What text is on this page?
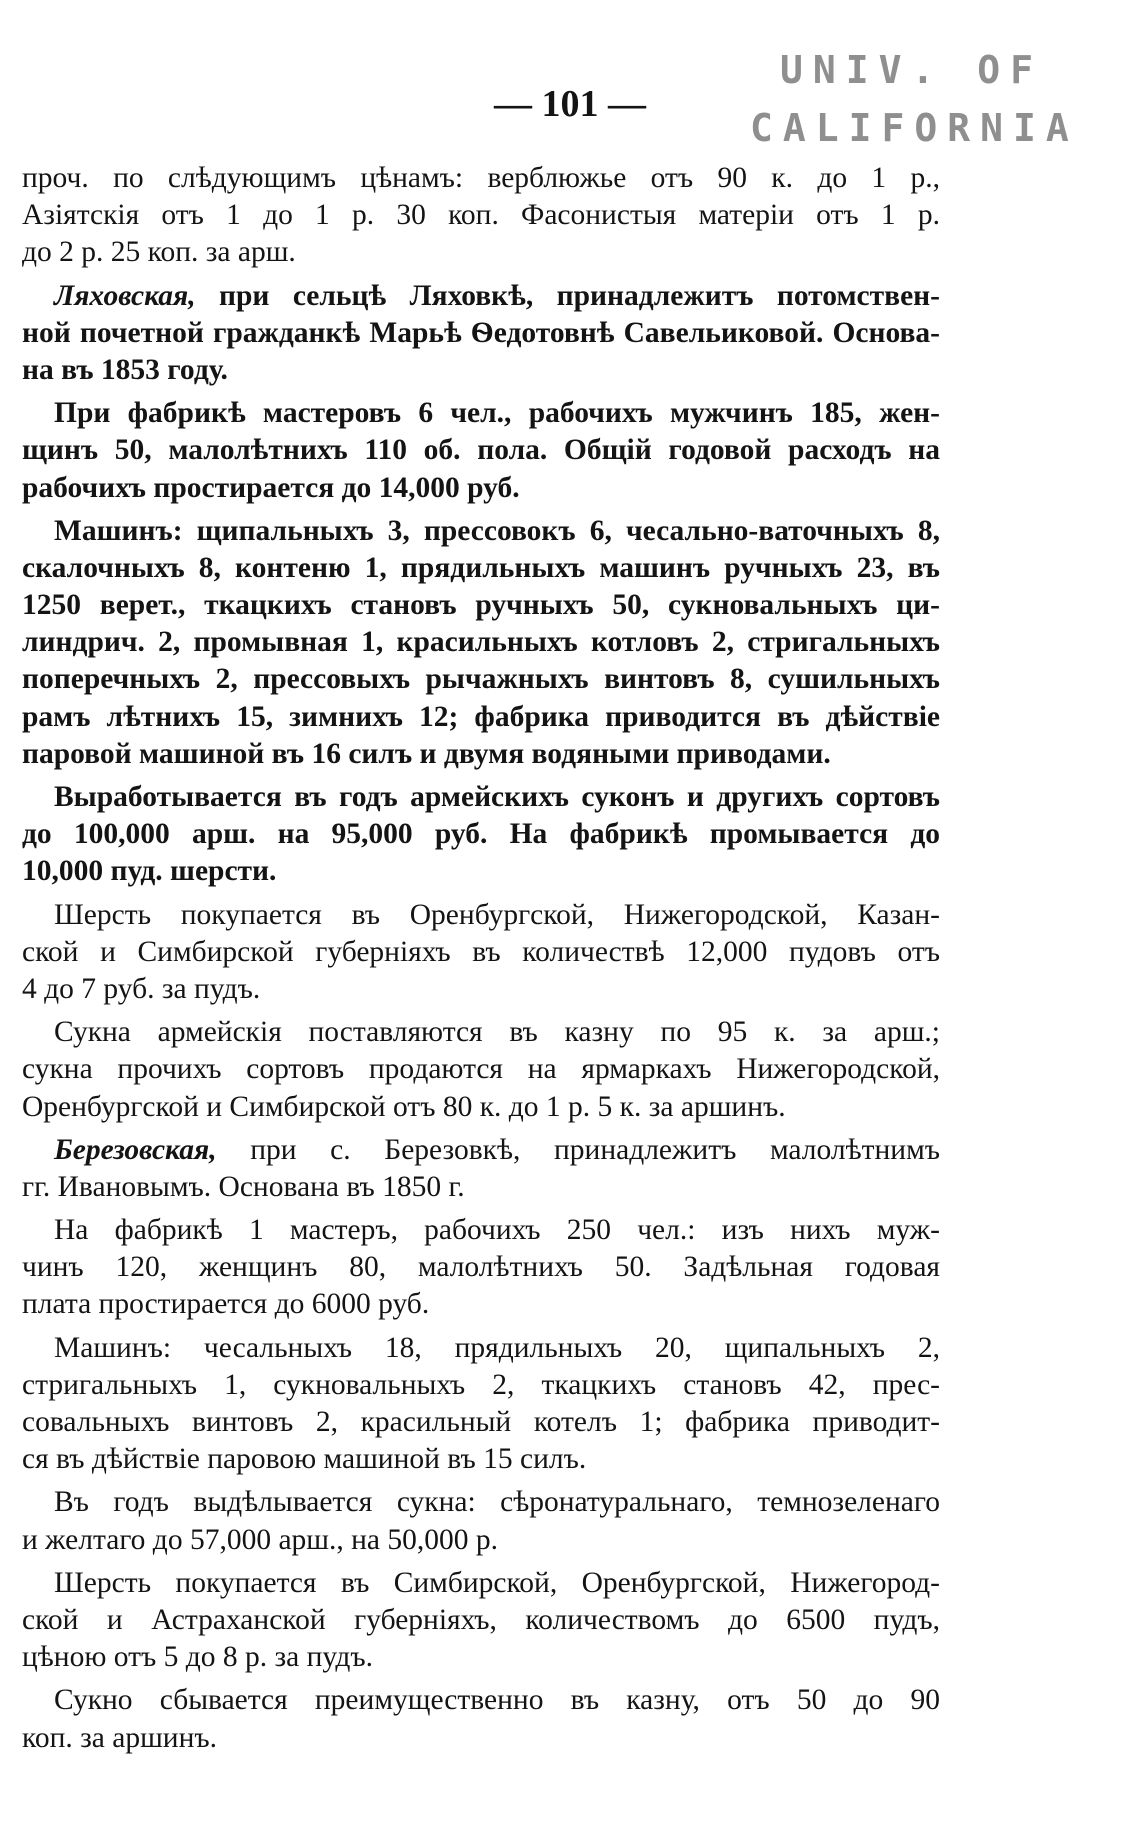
UNIV. OF
CALIFORNIA
— 101 —
проч. по слѣдующимъ цѣнамъ: верблюжье отъ 90 к. до 1 р.,
Азіятскія отъ 1 до 1 р. 30 коп. Фасонистыя матеріи отъ 1 р.
до 2 р. 25 коп. за арш.
Ляховская, при сельцѣ Ляховкѣ, принадлежитъ потомствен-
ной почетной гражданкѣ Марьѣ Ѳедотовнѣ Савельиковой. Основа-
на въ 1853 году.
При фабрикѣ мастеровъ 6 чел., рабочихъ мужчинъ 185, жен-
щинъ 50, малолѣтнихъ 110 об. пола. Общій годовой расходъ на
рабочихъ простирается до 14,000 руб.
Машинъ: щипальныхъ 3, прессовокъ 6, чесально-ваточныхъ 8,
скалочныхъ 8, контеню 1, прядильныхъ машинъ ручныхъ 23, въ
1250 верет., ткацкихъ становъ ручныхъ 50, сукновальныхъ ци-
линдрич. 2, промывная 1, красильныхъ котловъ 2, стригальныхъ
поперечныхъ 2, прессовыхъ рычажныхъ винтовъ 8, сушильныхъ
рамъ лѣтнихъ 15, зимнихъ 12; фабрика приводится въ дѣйствіе
паровой машиной въ 16 силъ и двумя водяными приводами.
Выработывается въ годъ армейскихъ суконъ и другихъ сортовъ
до 100,000 арш. на 95,000 руб. На фабрикѣ промывается до
10,000 пуд. шерсти.
Шерсть покупается въ Оренбургской, Нижегородской, Казан-
ской и Симбирской губерніяхъ въ количествѣ 12,000 пудовъ отъ
4 до 7 руб. за пудъ.
Сукна армейскія поставляются въ казну по 95 к. за арш.;
сукна прочихъ сортовъ продаются на ярмаркахъ Нижегородской,
Оренбургской и Симбирской отъ 80 к. до 1 р. 5 к. за аршинъ.
Березовская, при с. Березовкѣ, принадлежитъ малолѣтнимъ
гг. Ивановымъ. Основана въ 1850 г.
На фабрикѣ 1 мастеръ, рабочихъ 250 чел.: изъ нихъ муж-
чинъ 120, женщинъ 80, малолѣтнихъ 50. Задѣльная годовая
плата простирается до 6000 руб.
Машинъ: чесальныхъ 18, прядильныхъ 20, щипальныхъ 2,
стригальныхъ 1, сукновальныхъ 2, ткацкихъ становъ 42, прес-
совальныхъ винтовъ 2, красильный котелъ 1; фабрика приводит-
ся въ дѣйствіе паровою машиной въ 15 силъ.
Въ годъ выдѣлывается сукна: сѣронатуральнаго, темнозеленаго
и желтаго до 57,000 арш., на 50,000 р.
Шерсть покупается въ Симбирской, Оренбургской, Нижегород-
ской и Астраханской губерніяхъ, количествомъ до 6500 пудъ,
цѣною отъ 5 до 8 р. за пудъ.
Сукно сбывается преимущественно въ казну, отъ 50 до 90
коп. за аршинъ.
